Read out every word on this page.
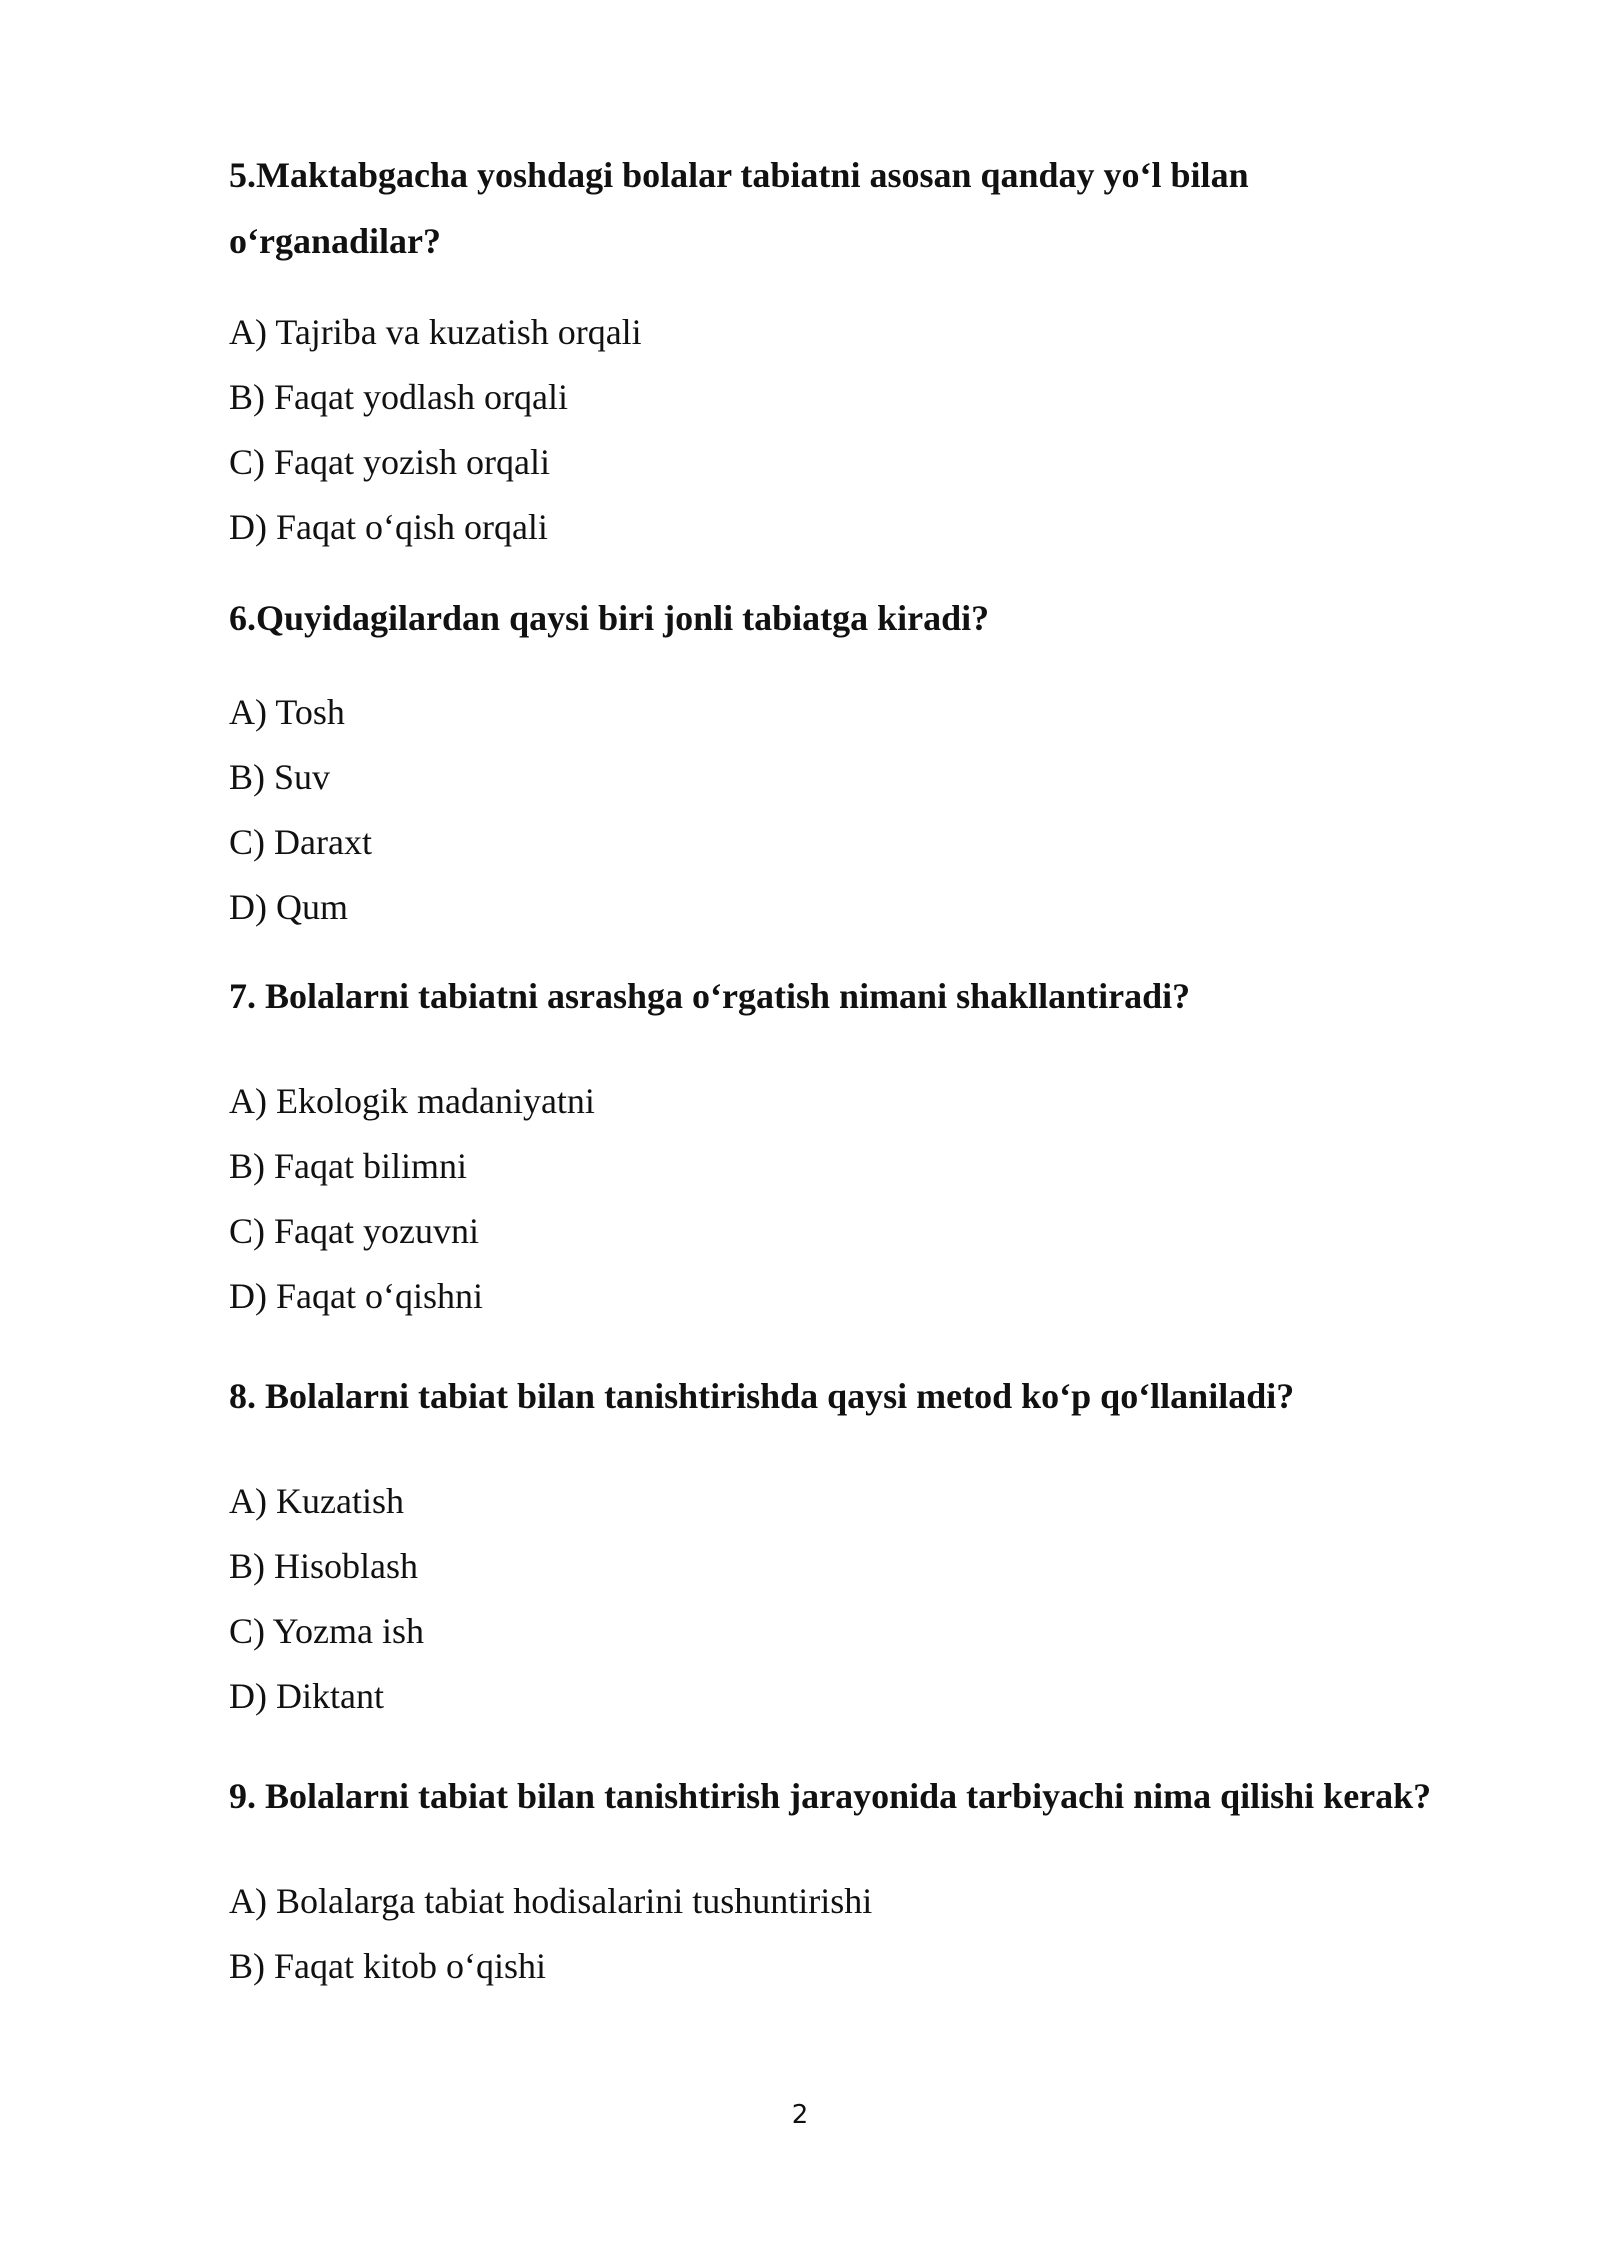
5.Maktabgacha yoshdagi bolalar tabiatni asosan qanday yo‘l bilan
o‘rganadilar?
A) Tajriba va kuzatish orqali
B) Faqat yodlash orqali
C) Faqat yozish orqali
D) Faqat o‘qish orqali
6.Quyidagilardan qaysi biri jonli tabiatga kiradi?
A) Tosh
B) Suv
C) Daraxt
D) Qum
7. Bolalarni tabiatni asrashga o‘rgatish nimani shakllantiradi?
A) Ekologik madaniyatni
B) Faqat bilimni
C) Faqat yozuvni
D) Faqat o‘qishni
8. Bolalarni tabiat bilan tanishtirishda qaysi metod ko‘p qo‘llaniladi?
A) Kuzatish
B) Hisoblash
C) Yozma ish
D) Diktant
9. Bolalarni tabiat bilan tanishtirish jarayonida tarbiyachi nima qilishi kerak?
A) Bolalarga tabiat hodisalarini tushuntirishi
B) Faqat kitob o‘qishi
2
